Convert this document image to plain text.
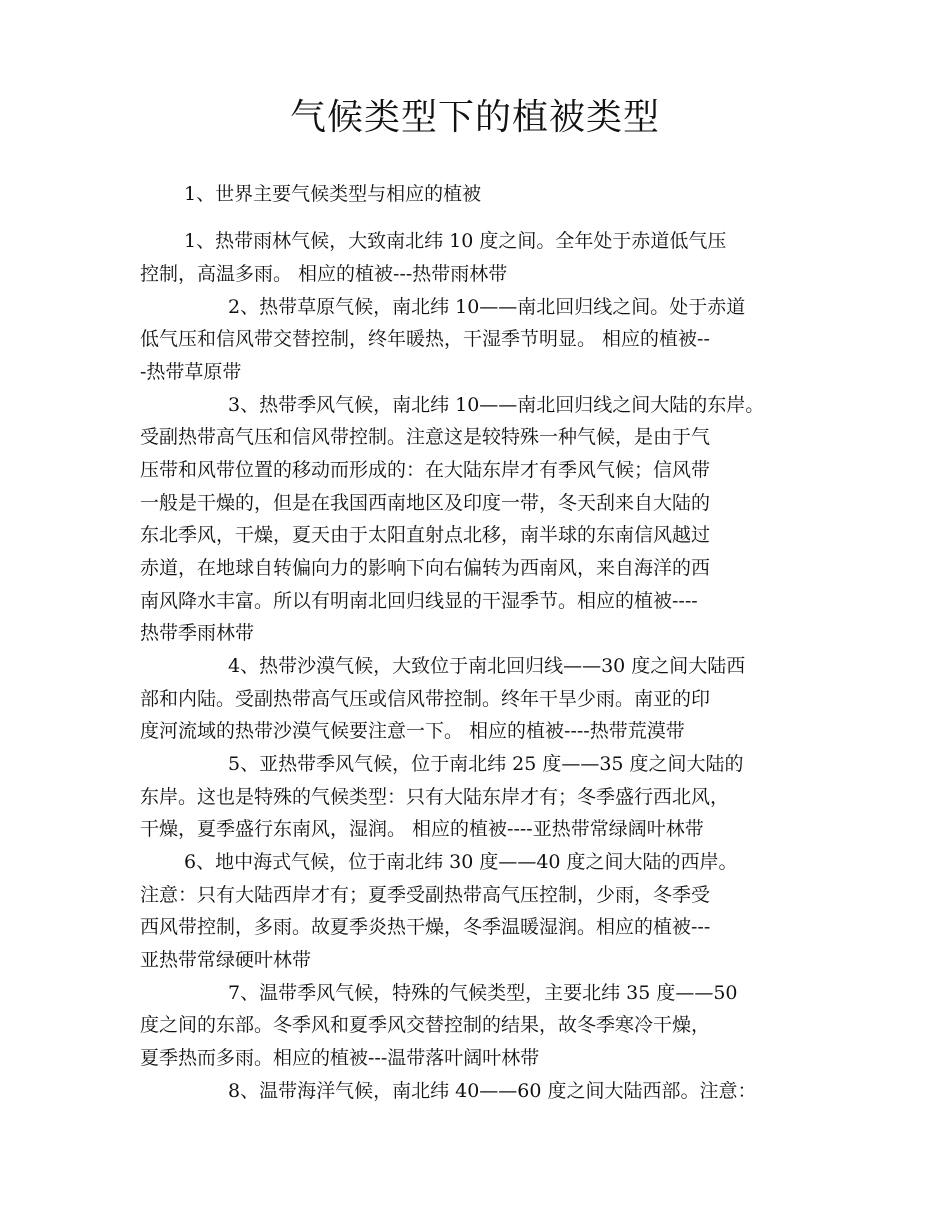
气候类型下的植被类型
1、世界主要气候类型与相应的植被
1、热带雨林气候，大致南北纬 10 度之间。全年处于赤道低气压
控制，高温多雨。 相应的植被---热带雨林带
2、热带草原气候，南北纬 10——南北回归线之间。处于赤道
低气压和信风带交替控制，终年暖热，干湿季节明显。 相应的植被--
-热带草原带
3、热带季风气候，南北纬 10——南北回归线之间大陆的东岸。
受副热带高气压和信风带控制。注意这是较特殊一种气候，是由于气
压带和风带位置的移动而形成的：在大陆东岸才有季风气候；信风带
一般是干燥的，但是在我国西南地区及印度一带，冬天刮来自大陆的
东北季风，干燥，夏天由于太阳直射点北移，南半球的东南信风越过
赤道，在地球自转偏向力的影响下向右偏转为西南风，来自海洋的西
南风降水丰富。所以有明南北回归线显的干湿季节。相应的植被----
热带季雨林带
4、热带沙漠气候，大致位于南北回归线——30 度之间大陆西
部和内陆。受副热带高气压或信风带控制。终年干旱少雨。南亚的印
度河流域的热带沙漠气候要注意一下。 相应的植被----热带荒漠带
5、亚热带季风气候，位于南北纬 25 度——35 度之间大陆的
东岸。这也是特殊的气候类型：只有大陆东岸才有；冬季盛行西北风，
干燥，夏季盛行东南风，湿润。 相应的植被----亚热带常绿阔叶林带
6、地中海式气候，位于南北纬 30 度——40 度之间大陆的西岸。
注意：只有大陆西岸才有；夏季受副热带高气压控制，少雨，冬季受
西风带控制，多雨。故夏季炎热干燥，冬季温暖湿润。相应的植被---
亚热带常绿硬叶林带
7、温带季风气候，特殊的气候类型，主要北纬 35 度——50
度之间的东部。冬季风和夏季风交替控制的结果，故冬季寒冷干燥，
夏季热而多雨。相应的植被---温带落叶阔叶林带
8、温带海洋气候，南北纬 40——60 度之间大陆西部。注意：
